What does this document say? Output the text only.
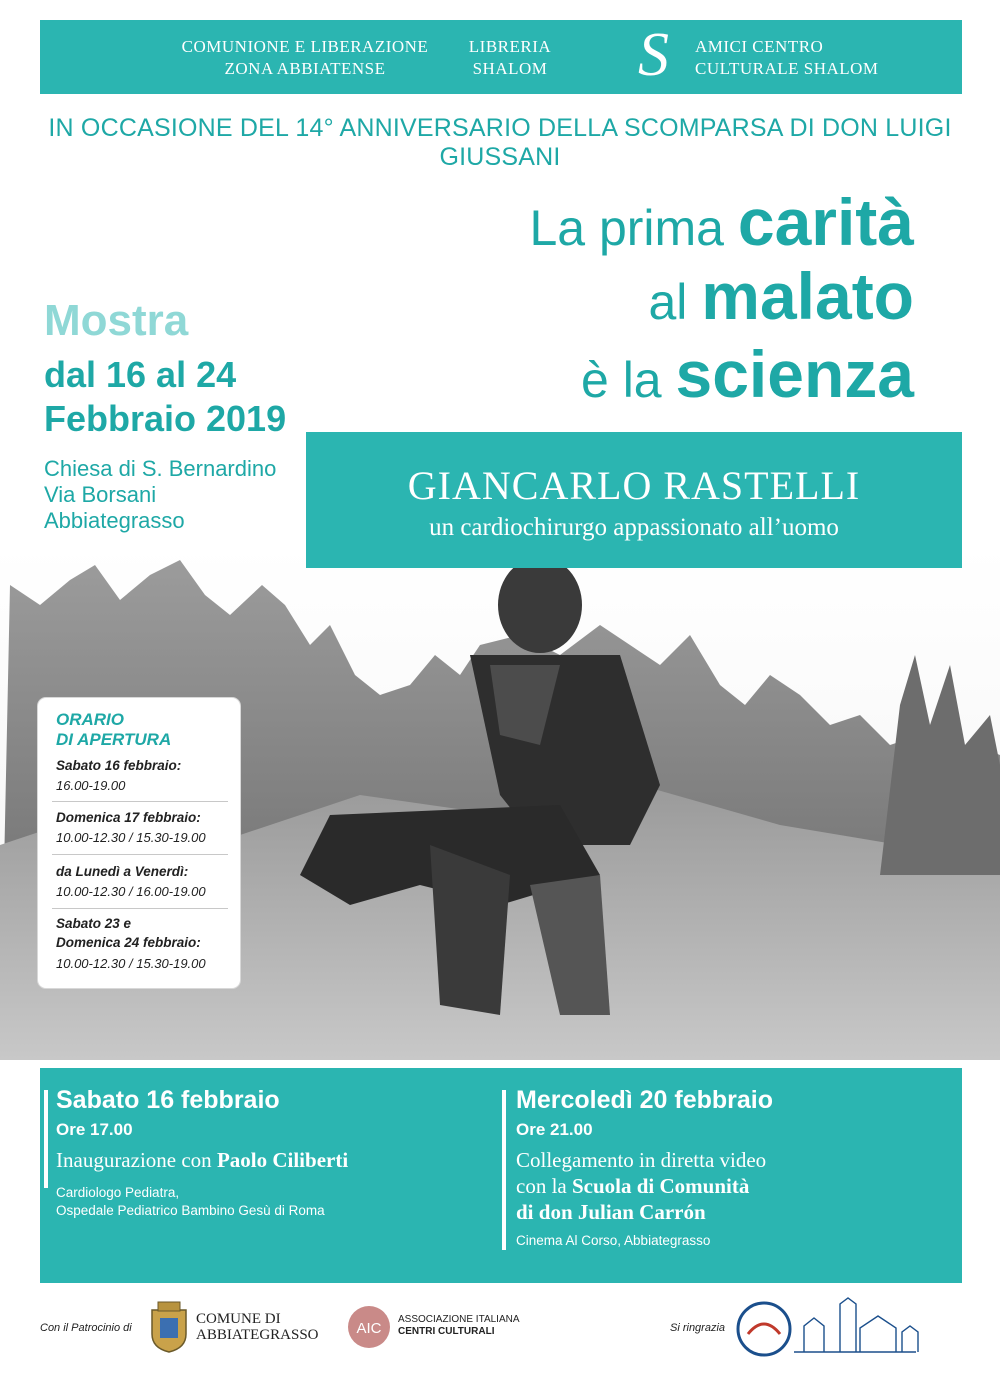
COMUNIONE E LIBERAZIONE
ZONA ABBIATENSE
LIBRERIA
SHALOM	S	AMICI CENTRO
CULTURALE SHALOM
IN OCCASIONE DEL 14° ANNIVERSARIO DELLA SCOMPARSA DI DON LUIGI GIUSSANI
La prima carità
al malato
è la scienza
Mostra
dal 16 al 24
Febbraio 2019
Chiesa di S. Bernardino
Via Borsani
Abbiategrasso
GIANCARLO RASTELLI
un cardiochirurgo appassionato all’uomo
ORARIO
DI APERTURA
Sabato 16 febbraio:
16.00-19.00
Domenica 17 febbraio:
10.00-12.30 / 15.30-19.00
da Lunedì a Venerdì:
10.00-12.30 / 16.00-19.00
Sabato 23 e
Domenica 24 febbraio:
10.00-12.30 / 15.30-19.00
Sabato 16 febbraio
Ore 17.00
Inaugurazione con Paolo Ciliberti
Cardiologo Pediatra,
Ospedale Pediatrico Bambino Gesù di Roma
Mercoledì 20 febbraio
Ore 21.00
Collegamento in diretta video
con la Scuola di Comunità
di don Julian Carrón
Cinema Al Corso, Abbiategrasso
Con il Patrocinio di
COMUNE DI
ABBIATEGRASSO	AIC
ASSOCIAZIONE ITALIANA
CENTRI CULTURALI	Si ringrazia
